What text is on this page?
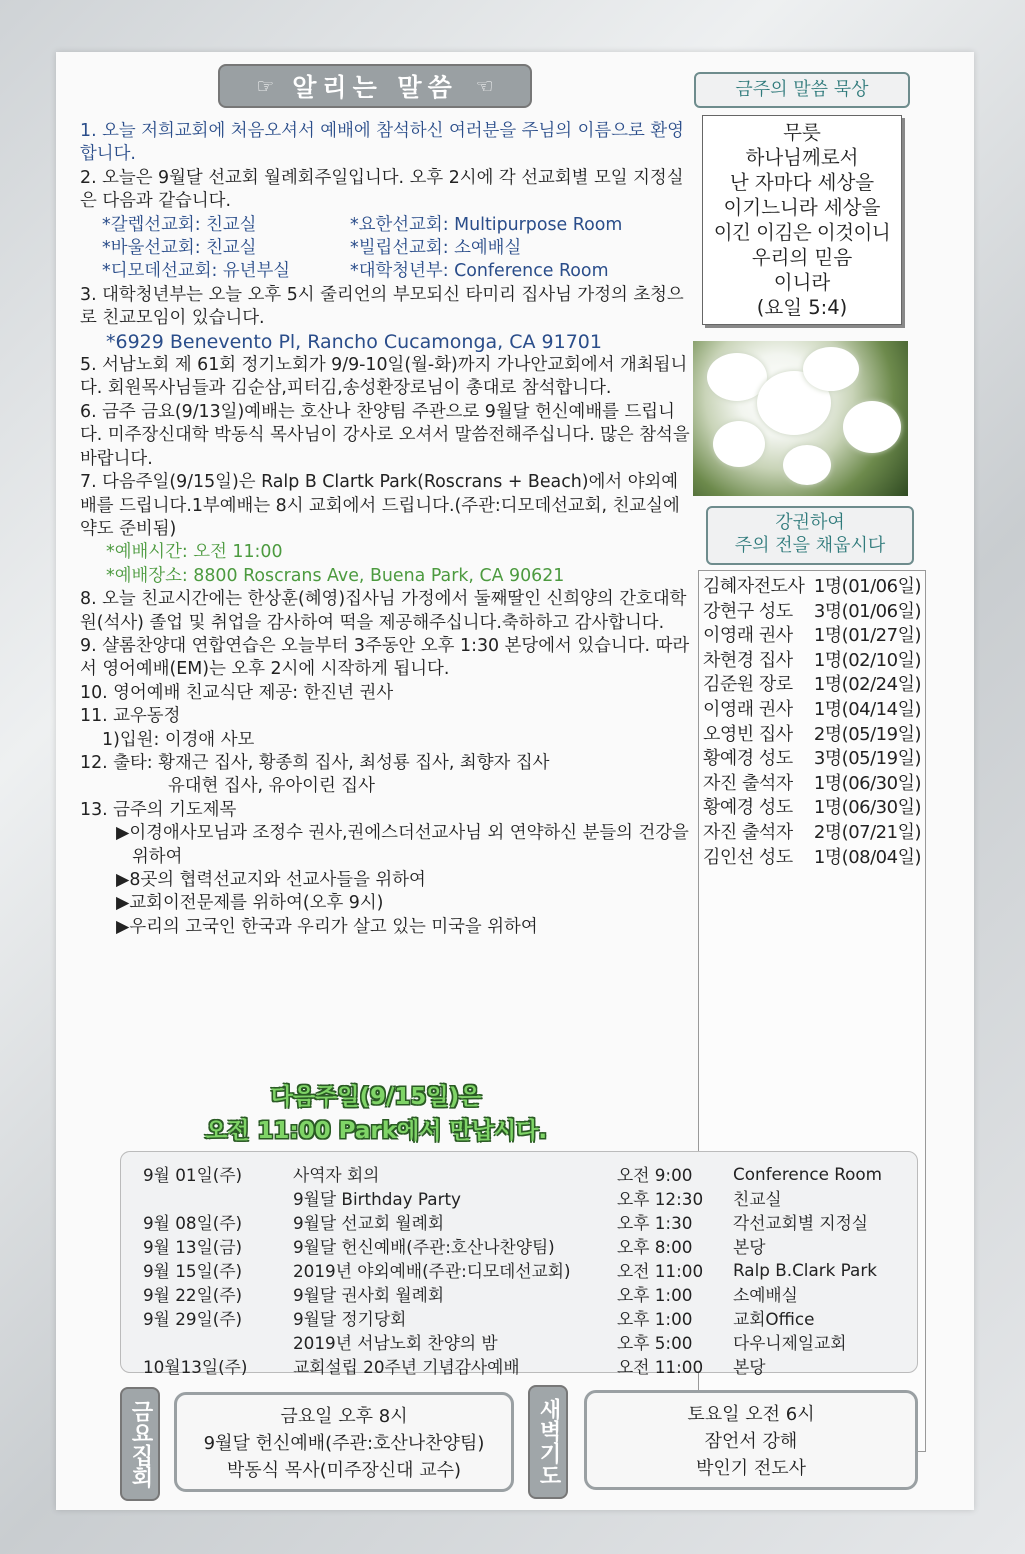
☞ 알리는 말씀 ☜

1. 오늘 저희교회에 처음오셔서 예배에 참석하신 여러분을 주님의 이름으로 환영합니다.

2. 오늘은 9월달 선교회 월례회주일입니다. 오후 2시에 각 선교회별 모일 지정실은 다음과 같습니다.

*갈렙선교회: 친교실	*요한선교회: Multipurpose Room
*바울선교회: 친교실	*빌립선교회: 소예배실
*디모데선교회: 유년부실	*대학청년부: Conference Room

3. 대학청년부는 오늘 오후 5시 줄리언의 부모되신 타미리 집사님 가정의 초청으로 친교모임이 있습니다.

*6929 Benevento Pl, Rancho Cucamonga, CA 91701

5. 서남노회 제 61회 정기노회가 9/9-10일(월-화)까지 가나안교회에서 개최됩니다. 회원목사님들과 김순삼,피터김,송성환장로님이 총대로 참석합니다.

6. 금주 금요(9/13일)예배는 호산나 찬양팀 주관으로 9월달 헌신예배를 드립니다. 미주장신대학 박동식 목사님이 강사로 오셔서 말씀전해주십니다. 많은 참석을 바랍니다.

7. 다음주일(9/15일)은 Ralp B Clartk Park(Roscrans + Beach)에서 야외예배를 드립니다.1부예배는 8시 교회에서 드립니다.(주관:디모데선교회, 친교실에 약도 준비됨)

*예배시간: 오전 11:00

*예배장소: 8800 Roscrans Ave, Buena Park, CA 90621

8. 오늘 친교시간에는 한상훈(혜영)집사님 가정에서 둘째딸인 신희양의 간호대학원(석사) 졸업 및 취업을 감사하여 떡을 제공해주십니다.축하하고 감사합니다.

9. 샬롬찬양대 연합연습은 오늘부터 3주동안 오후 1:30 본당에서 있습니다. 따라서 영어예배(EM)는 오후 2시에 시작하게 됩니다.

10. 영어예배 친교식단 제공: 한진년 권사

11. 교우동정

1)입원: 이경애 사모

12. 출타: 황재근 집사, 황종희 집사, 최성룡 집사, 최향자 집사

유대현 집사, 유아이린 집사

13. 금주의 기도제목

▶이경애사모님과 조정수 권사,권에스더선교사님 외 연약하신 분들의 건강을 위하여

▶8곳의 협력선교지와 선교사들을 위하여

▶교회이전문제를 위하여(오후 9시)

▶우리의 고국인 한국과 우리가 살고 있는 미국을 위하여

금주의 말씀 묵상
무릇
하나님께로서
난 자마다 세상을
이기느니라 세상을
이긴 이김은 이것이니
우리의 믿음
이니라
(요일 5:4)
강권하여
주의 전을 채웁시다
김혜자전도사 1명(01/06일)
강현구 성도 3명(01/06일)
이영래 권사 1명(01/27일)
차현경 집사 1명(02/10일)
김준원 장로 1명(02/24일)
이영래 권사 1명(04/14일)
오영빈 집사 2명(05/19일)
황예경 성도 3명(05/19일)
자진 출석자 1명(06/30일)
황예경 성도 1명(06/30일)
자진 출석자 2명(07/21일)
김인선 성도 1명(08/04일)
다음주일(9/15일)은
오전 11:00 Park에서 만납시다.
9월 01일(주)	사역자 회의	오전 9:00	Conference Room
	9월달 Birthday Party	오후 12:30	친교실
9월 08일(주)	9월달 선교회 월례회	오후 1:30	각선교회별 지정실
9월 13일(금)	9월달 헌신예배(주관:호산나찬양팀)	오후 8:00	본당
9월 15일(주)	2019년 야외예배(주관:디모데선교회)	오전 11:00	Ralp B.Clark Park
9월 22일(주)	9월달 권사회 월례회	오후 1:00	소예배실
9월 29일(주)	9월달 정기당회	오후 1:00	교회Office
	2019년 서남노회 찬양의 밤	오후 5:00	다우니제일교회
10월13일(주)	교회설립 20주년 기념감사예배	오전 11:00	본당
금요집회	금요일 오후 8시
9월달 헌신예배(주관:호산나찬양팀)
박동식 목사(미주장신대 교수)	새벽기도	토요일 오전 6시
잠언서 강해
박인기 전도사
